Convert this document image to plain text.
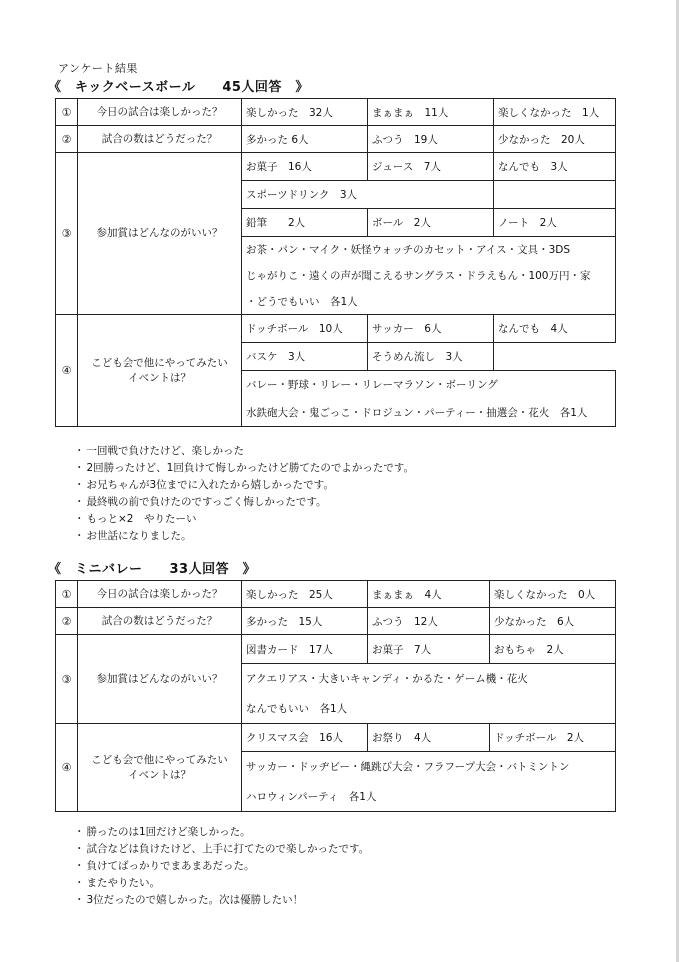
アンケート結果
《　キックベースボール　　45人回答　》
①	今日の試合は楽しかった？	楽しかった　32人	まぁまぁ　11人	楽しくなかった　1人
②	試合の数はどうだった？	多かった 6人	ふつう　19人	少なかった　20人
③	参加賞はどんなのがいい？	お菓子　16人	ジュース　7人	なんでも　3人
		スポーツドリンク　3人		
		鉛筆　　2人	ボール　2人	ノート　2人
		お茶・パン・マイク・妖怪ウォッチのカセット・アイス・文具・3DS		
		じゃがりこ・遠くの声が聞こえるサングラス・ドラえもん・100万円・家		
		・どうでもいい　各1人		
④	こども会で他にやってみたい
イベントは？	ドッチボール　10人	サッカー　6人	なんでも　4人
		バスケ　3人	そうめん流し　3人	
		バレー・野球・リレー・リレーマラソン・ボーリング		
		水鉄砲大会・鬼ごっこ・ドロジュン・パーティー・抽選会・花火　各1人		
・ 一回戦で負けたけど、楽しかった
・ 2回勝ったけど、1回負けて悔しかったけど勝てたのでよかったです。
・ お兄ちゃんが3位までに入れたから嬉しかったです。
・ 最終戦の前で負けたのですっごく悔しかったです。
・ もっと×2　やりたーい
・ お世話になりました。
《　ミニバレー　　33人回答　》
①	今日の試合は楽しかった？	楽しかった　25人	まぁまぁ　4人	楽しくなかった　0人
②	試合の数はどうだった？	多かった　15人	ふつう　12人	少なかった　6人
③	参加賞はどんなのがいい？	図書カード　17人	お菓子　7人	おもちゃ　2人
		アクエリアス・大きいキャンディ・かるた・ゲーム機・花火		
		なんでもいい　各1人		
④	こども会で他にやってみたい
イベントは？	クリスマス会　16人	お祭り　4人	ドッチボール　2人
		サッカー・ドッヂビー・縄跳び大会・フラフープ大会・バトミントン		
		ハロウィンパーティ　各1人		
・ 勝ったのは1回だけど楽しかった。
・ 試合などは負けたけど、上手に打てたので楽しかったです。
・ 負けてばっかりでまあまあだった。
・ またやりたい。
・ 3位だったので嬉しかった。次は優勝したい！
